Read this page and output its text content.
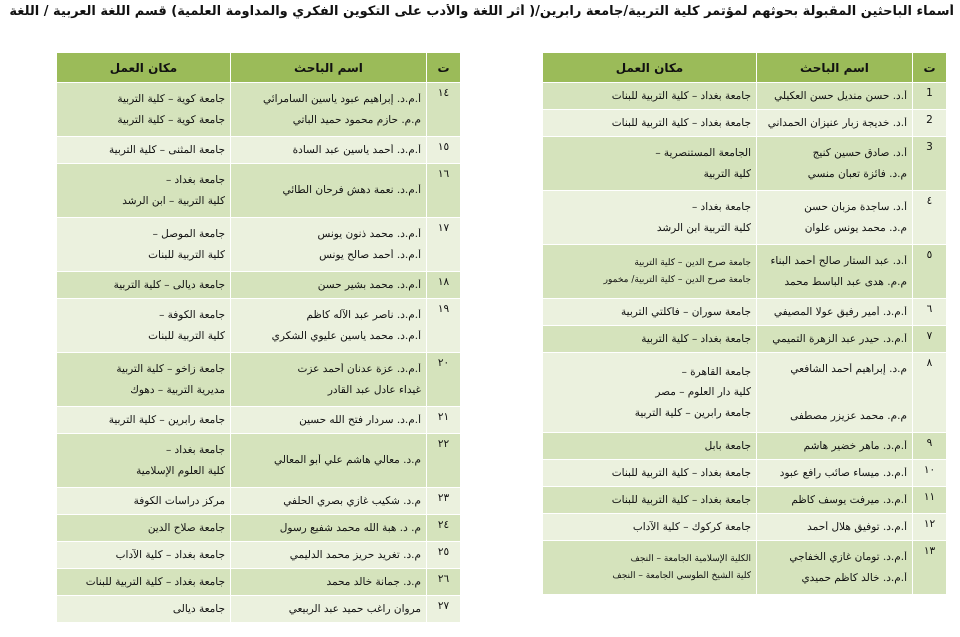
أسماء الباحثين المقبولة بحوثهم لمؤتمر كلية التربية/جامعة رابرين/( أثر اللغة والأدب على التكوين الفكري والمداومة العلمية) قسم اللغة العربية / اللغة
ت	اسم الباحث	مكان العمل
1	أ.د. حسن منديل حسن العكيلي	جامعة بغداد – كلية التربية للبنات

2	أ.د. خديجة زبار عنيزان الحمداني	جامعة بغداد – كلية التربية للبنات

3	أ.د. صادق حسين كنيج
م.د. فائزة تعبان منسي	الجامعة المستنصرية –
كلية التربية

٤	أ.د. ساجدة مزبان حسن
م.د. محمد يونس علوان	جامعة بغداد –
كلية التربية ابن الرشد

٥	أ.د. عبد الستار صالح أحمد البناء
م.م. هدى عبد الباسط محمد	جامعة صرح الدين – كلية التربية
جامعة صرح الدين – كلية التربية/ مخمور

٦	أ.م.د. أمير رفيق عولا المصيفي	جامعة سوران – فاكلتي التربية

٧	أ.م.د. حيدر عبد الزهرة التميمي	جامعة بغداد – كلية التربية

٨	م.د. إبراهيم أحمد الشافعي
م.م. محمد عزيزر مصطفى	جامعة القاهرة –
كلية دار العلوم – مصر
جامعة رابرين – كلية التربية

٩	أ.م.د. ماهر خضير هاشم	جامعة بابل

١٠	أ.م.د. ميساء صائب رافع عبود	جامعة بغداد – كلية التربية للبنات

١١	أ.م.د. ميرفت يوسف كاظم	جامعة بغداد – كلية التربية للبنات

١٢	أ.م.د. توفيق هلال أحمد	جامعة كركوك – كلية الآداب

١٣	أ.م.د. تومان غازي الخفاجي
أ.م.د. خالد كاظم حميدي	الكلية الإسلامية الجامعة – النجف
كلية الشيخ الطوسي الجامعة – النجف
ت	اسم الباحث	مكان العمل
١٤	أ.م.د. إبراهيم عبود ياسين السامرائي
م.م. حازم محمود حميد الباتي	جامعة كوية – كلية التربية
جامعة كوية – كلية التربية

١٥	أ.م.د. أحمد ياسين عبد السادة	جامعة المثنى – كلية التربية

١٦	أ.م.د. نعمة دهش فرحان الطائي	جامعة بغداد –
كلية التربية – ابن الرشد

١٧	أ.م.د. محمد ذنون يونس
أ.م.د. أحمد صالح يونس	جامعة الموصل –
كلية التربية للبنات

١٨	أ.م.د. محمد بشير حسن	جامعة ديالى – كلية التربية

١٩	أ.م.د. ناصر عبد الآله كاظم
أ.م.د. محمد ياسين عليوي الشكري	جامعة الكوفة –
كلية التربية للبنات

٢٠	أ.م.د. عزة عدنان أحمد عزت
غيداء عادل عبد القادر	جامعة زاخو – كلية التربية
مديرية التربية – دهوك

٢١	أ.م.د. سردار فتح الله حسين	جامعة رابرين – كلية التربية

٢٢	م.د. معالي هاشم علي أبو المعالي	جامعة بغداد –
كلية العلوم الإسلامية

٢٣	م.د. شكيب غازي بصري الحلفي	مركز دراسات الكوفة

٢٤	م. د. هبة الله محمد شفيع رسول	جامعة صلاح الدين

٢٥	م.د. تغريد حريز محمد الدليمي	جامعة بغداد – كلية الآداب

٢٦	م.د. جمانة خالد محمد	جامعة بغداد – كلية التربية للبنات

٢٧	مروان راغب حميد عبد الربيعي	جامعة ديالى
